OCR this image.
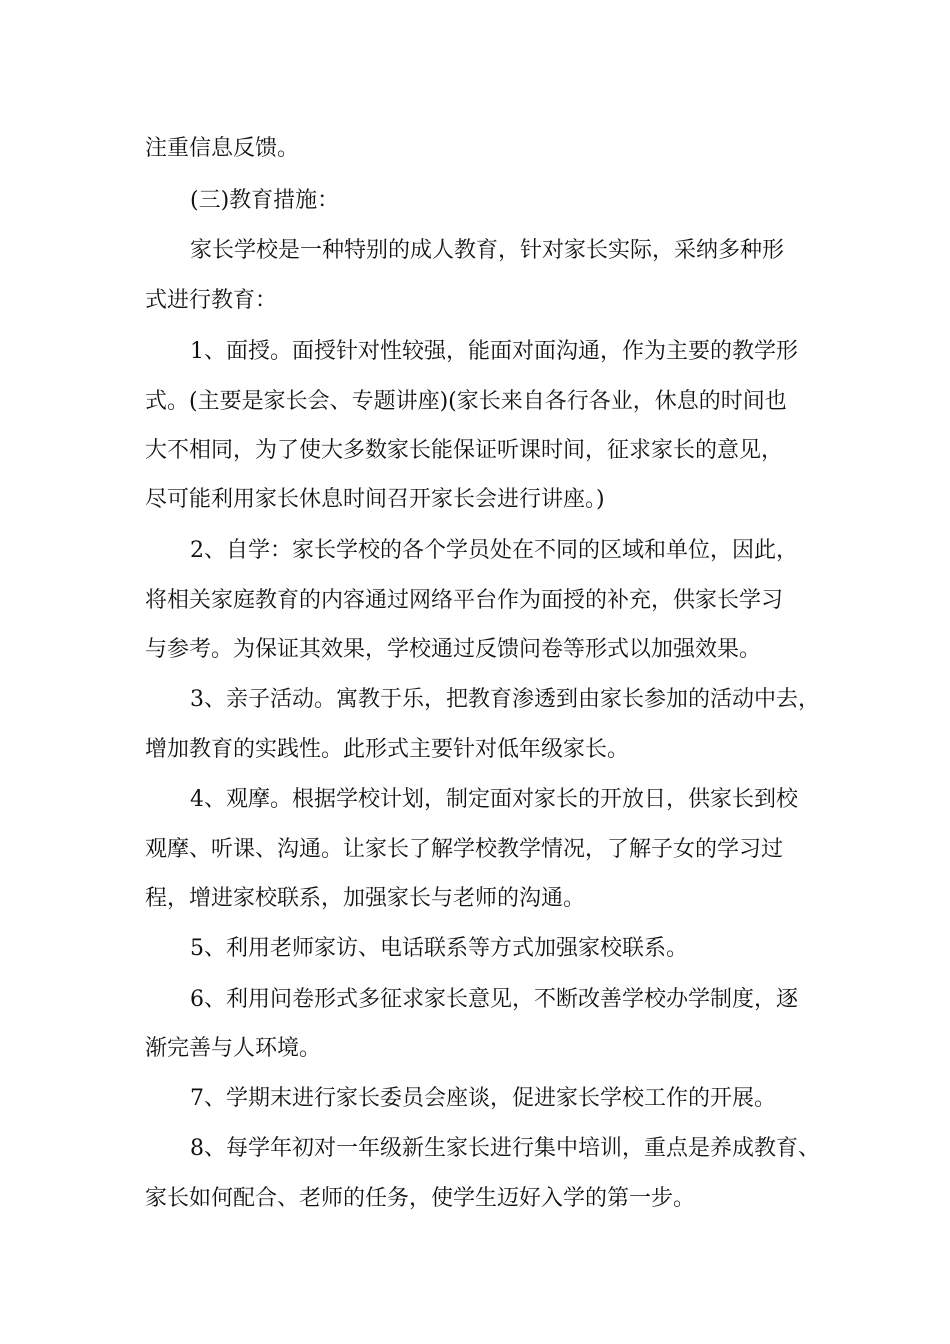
注重信息反馈。
(三)教育措施：
家长学校是一种特别的成人教育，针对家长实际，采纳多种形
式进行教育：
1、面授。面授针对性较强，能面对面沟通，作为主要的教学形
式。(主要是家长会、专题讲座)(家长来自各行各业，休息的时间也
大不相同，为了使大多数家长能保证听课时间，征求家长的意见，
尽可能利用家长休息时间召开家长会进行讲座。)
2、自学：家长学校的各个学员处在不同的区域和单位，因此，
将相关家庭教育的内容通过网络平台作为面授的补充，供家长学习
与参考。为保证其效果，学校通过反馈问卷等形式以加强效果。
3、亲子活动。寓教于乐，把教育渗透到由家长参加的活动中去，
增加教育的实践性。此形式主要针对低年级家长。
4、观摩。根据学校计划，制定面对家长的开放日，供家长到校
观摩、听课、沟通。让家长了解学校教学情况，了解子女的学习过
程，增进家校联系，加强家长与老师的沟通。
5、利用老师家访、电话联系等方式加强家校联系。
6、利用问卷形式多征求家长意见，不断改善学校办学制度，逐
渐完善与人环境。
7、学期末进行家长委员会座谈，促进家长学校工作的开展。
8、每学年初对一年级新生家长进行集中培训，重点是养成教育、
家长如何配合、老师的任务，使学生迈好入学的第一步。
